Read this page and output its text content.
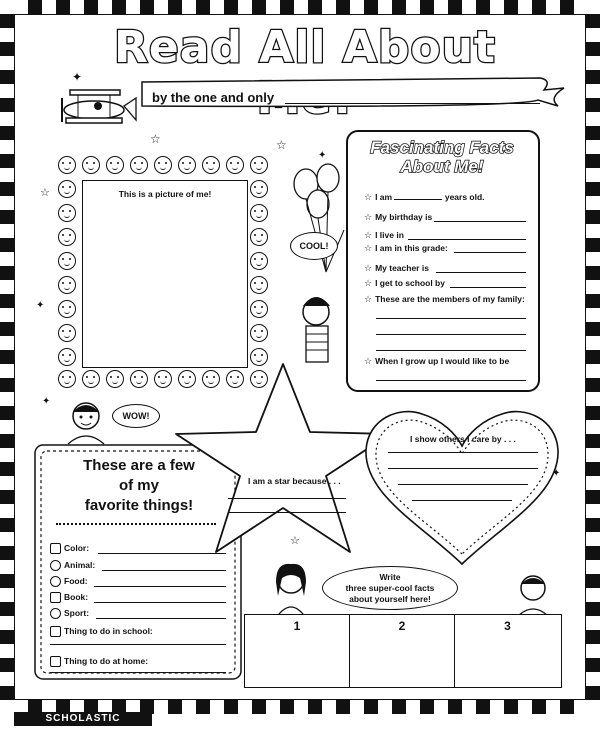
Read All About
by the one and only
This is a picture of me!
COOL!
Fascinating Facts
About Me!
☆ I am	years old.
☆ My birthday is
☆ I live in
☆ I am in this grade:
☆ My teacher is
☆ I get to school by
☆ These are the members of my family:
☆ When I grow up I would like to be
WOW!
These are a few
of my
favorite things!
Color:
Animal:
Food:
Book:
Sport:
Thing to do in school:
Thing to do at home:
I am a star because . . .
I show others I care by . . .
Write
three super-cool facts
about yourself here!
1	2	3
✦
☆	☆
✦
☆
✦
✦
☆
✦
SCHOLASTIC
